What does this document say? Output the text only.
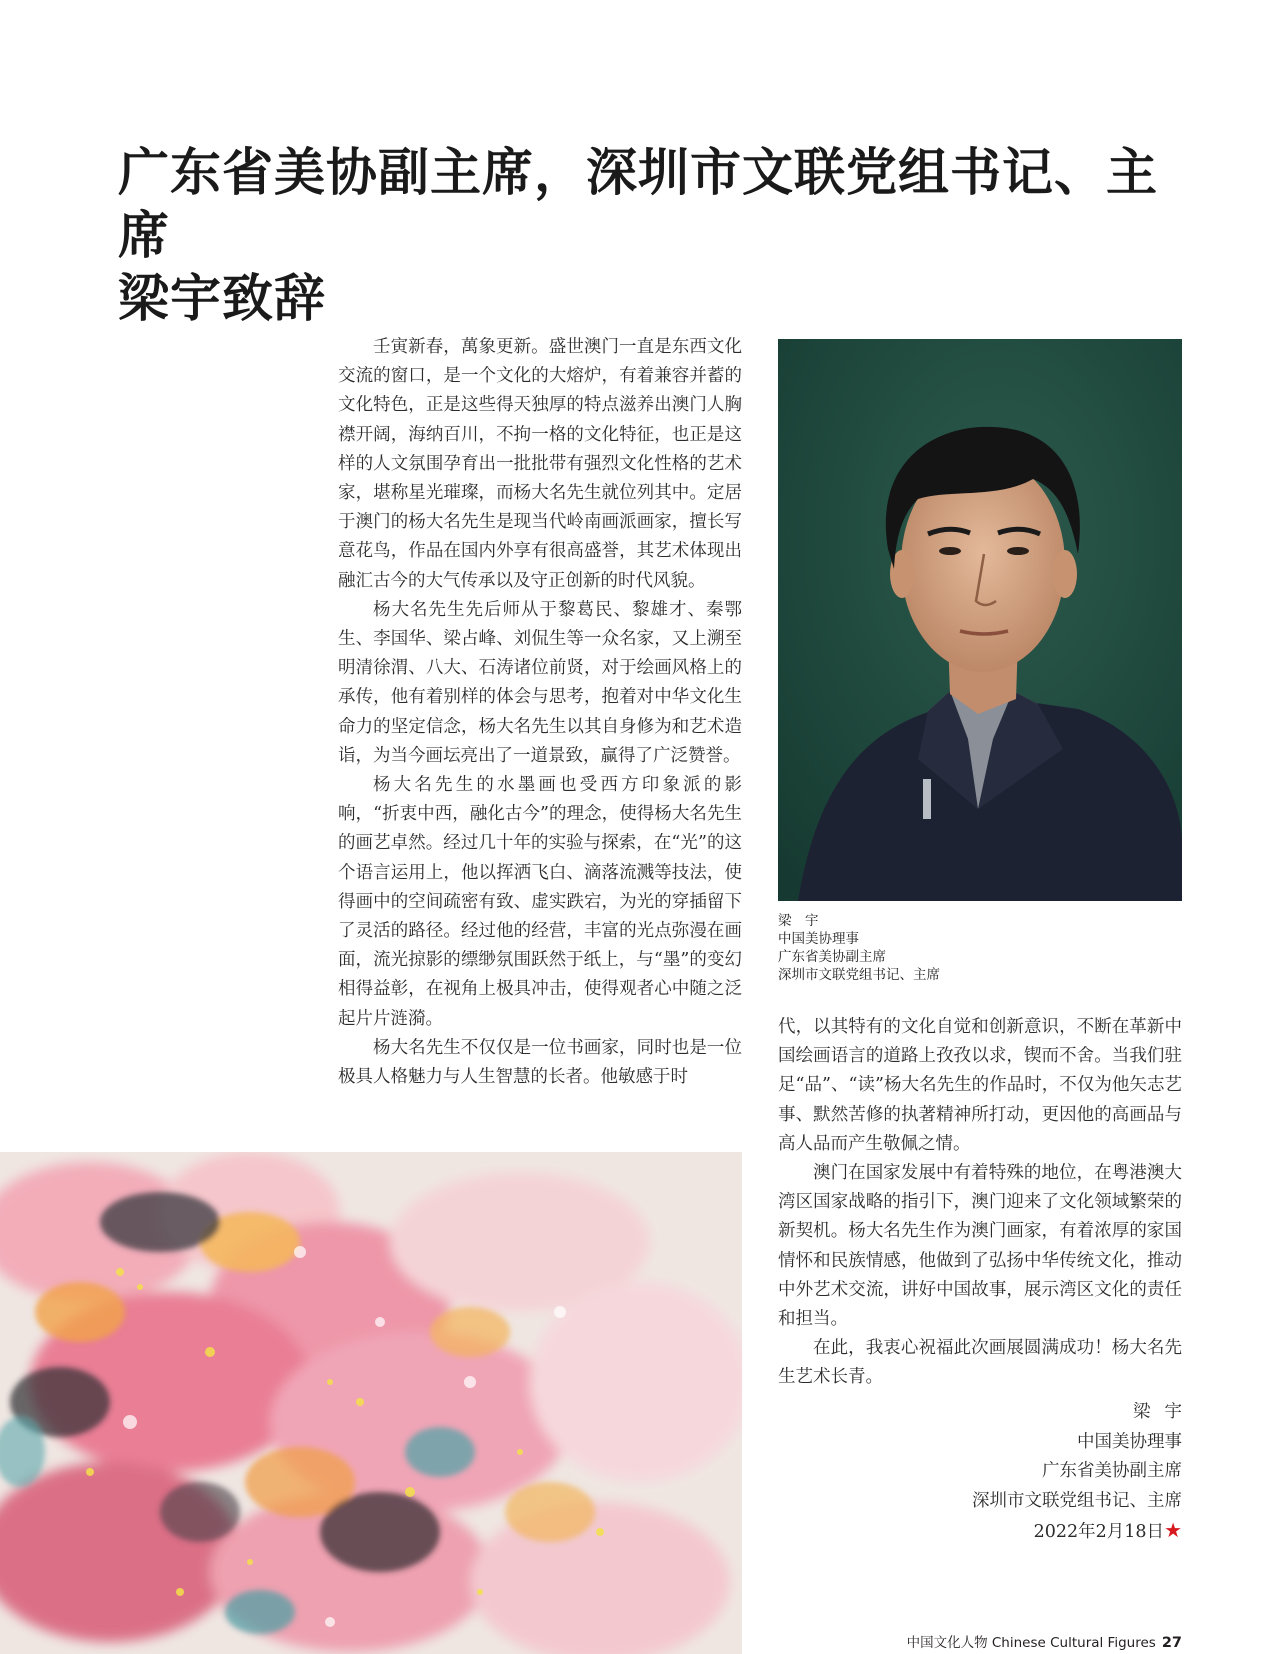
广东省美协副主席，深圳市文联党组书记、主席
梁宇致辞

壬寅新春，萬象更新。盛世澳门一直是东西文化交流的窗口，是一个文化的大熔炉，有着兼容并蓄的文化特色，正是这些得天独厚的特点滋养出澳门人胸襟开阔，海纳百川，不拘一格的文化特征，也正是这样的人文氛围孕育出一批批带有强烈文化性格的艺术家，堪称星光璀璨，而杨大名先生就位列其中。定居于澳门的杨大名先生是现当代岭南画派画家，擅长写意花鸟，作品在国内外享有很高盛誉，其艺术体现出融汇古今的大气传承以及守正创新的时代风貌。

杨大名先生先后师从于黎葛民、黎雄才、秦鄂生、李国华、梁占峰、刘侃生等一众名家，又上溯至明清徐渭、八大、石涛诸位前贤，对于绘画风格上的承传，他有着别样的体会与思考，抱着对中华文化生命力的坚定信念，杨大名先生以其自身修为和艺术造诣，为当今画坛亮出了一道景致，赢得了广泛赞誉。

杨大名先生的水墨画也受西方印象派的影响，“折衷中西，融化古今”的理念，使得杨大名先生的画艺卓然。经过几十年的实验与探索，在“光”的这个语言运用上，他以挥洒飞白、滴落流溅等技法，使得画中的空间疏密有致、虚实跌宕，为光的穿插留下了灵活的路径。经过他的经营，丰富的光点弥漫在画面，流光掠影的缥缈氛围跃然于纸上，与“墨”的变幻相得益彰，在视角上极具冲击，使得观者心中随之泛起片片涟漪。

杨大名先生不仅仅是一位书画家，同时也是一位极具人格魅力与人生智慧的长者。他敏感于时

梁　宇
中国美协理事
广东省美协副主席
深圳市文联党组书记、主席

代，以其特有的文化自觉和创新意识，不断在革新中国绘画语言的道路上孜孜以求，锲而不舍。当我们驻足“品”、“读”杨大名先生的作品时，不仅为他矢志艺事、默然苦修的执著精神所打动，更因他的高画品与高人品而产生敬佩之情。

澳门在国家发展中有着特殊的地位，在粤港澳大湾区国家战略的指引下，澳门迎来了文化领域繁荣的新契机。杨大名先生作为澳门画家，有着浓厚的家国情怀和民族情感，他做到了弘扬中华传统文化，推动中外艺术交流，讲好中国故事，展示湾区文化的责任和担当。

在此，我衷心祝福此次画展圆满成功！杨大名先生艺术长青。

梁宇
中国美协理事
广东省美协副主席
深圳市文联党组书记、主席
2022年2月18日★
中国文化人物 Chinese Cultural Figures 27
